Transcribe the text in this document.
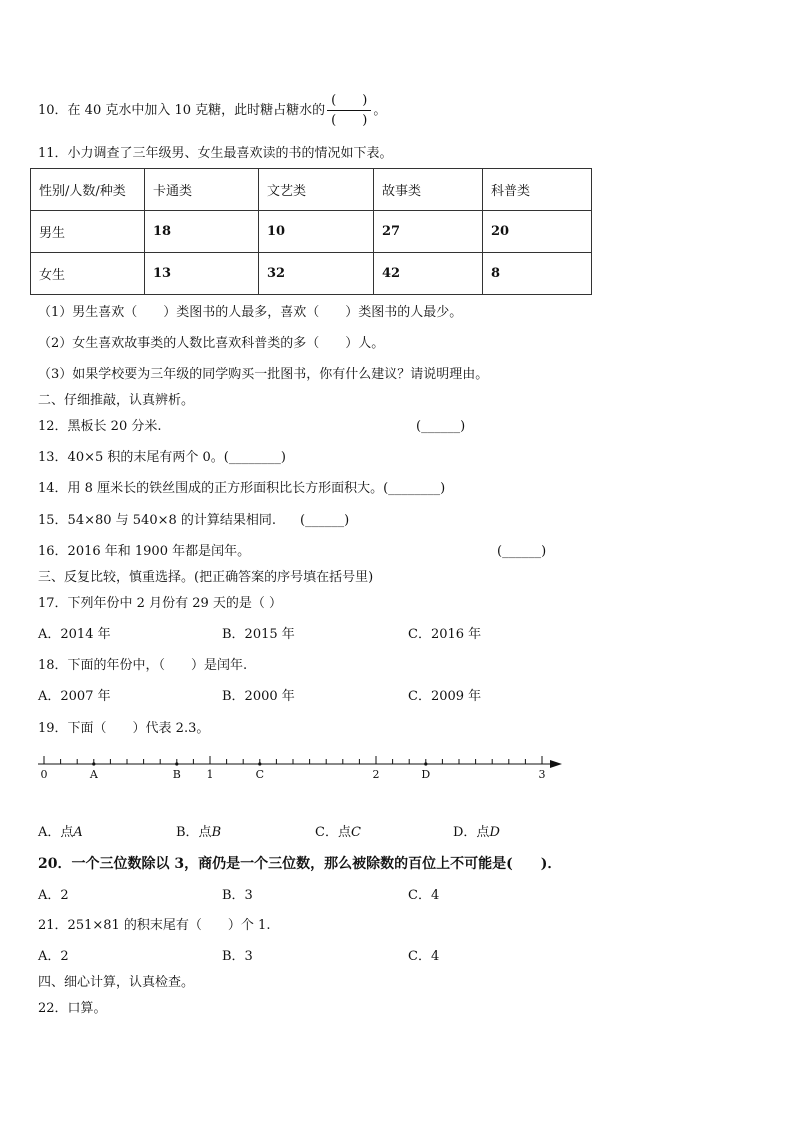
10．在 40 克水中加入 10 克糖，此时糖占糖水的 $\frac{( )}{( )}$ 。
11．小力调查了三年级男、女生最喜欢读的书的情况如下表。
性别/人数/种类	卡通类	文艺类	故事类	科普类
男生	18	10	27	20
女生	13	32	42	8
（1）男生喜欢（　　）类图书的人最多，喜欢（　　）类图书的人最少。
（2）女生喜欢故事类的人数比喜欢科普类的多（　　）人。
（3）如果学校要为三年级的同学购买一批图书，你有什么建议？请说明理由。
二、仔细推敲，认真辨析。
12．黑板长 20 分米.	(______)
13．40×5 积的末尾有两个 0。(________)
14．用 8 厘米长的铁丝围成的正方形面积比长方形面积大。(________)
15．54×80 与 540×8 的计算结果相同. (______)
16．2016 年和 1900 年都是闰年。	(______)
三、反复比较，慎重选择。(把正确答案的序号填在括号里)
17．下列年份中 2 月份有 29 天的是（ ）
A．2014 年	B．2015 年	C．2016 年
18．下面的年份中，（　　）是闰年.
A．2007 年	B．2000 年	C．2009 年
19．下面（　　）代表 2.3。
0	A	B 1	C	2	D	3
A．点A	B．点B	C．点C	D．点D
20．一个三位数除以 3，商仍是一个三位数，那么被除数的百位上不可能是(　　)．
A．2	B．3	C．4
21．251×81 的积末尾有（　　）个 1.
A．2	B．3	C．4
四、细心计算，认真检查。
22．口算。
